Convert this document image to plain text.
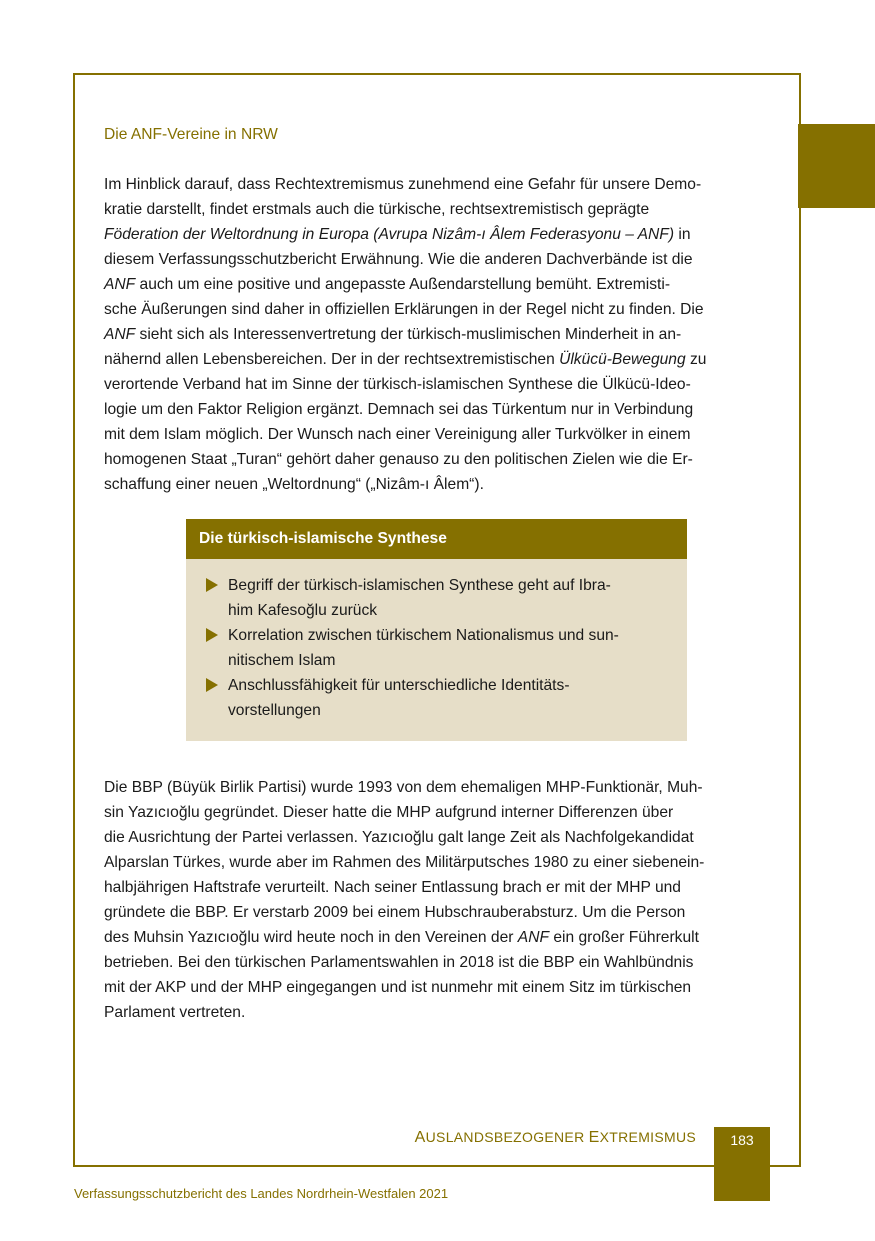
Die ANF-Vereine in NRW

Im Hinblick darauf, dass Rechtextremismus zunehmend eine Gefahr für unsere Demo-
kratie darstellt, findet erstmals auch die türkische, rechtsextremistisch geprägte
Föderation der Weltordnung in Europa (Avrupa Nizâm-ı Âlem Federasyonu – ANF) in
diesem Verfassungsschutzbericht Erwähnung. Wie die anderen Dachverbände ist die
ANF auch um eine positive und angepasste Außendarstellung bemüht. Extremisti-
sche Äußerungen sind daher in offiziellen Erklärungen in der Regel nicht zu finden. Die
ANF sieht sich als Interessenvertretung der türkisch-muslimischen Minderheit in an-
nähernd allen Lebensbereichen. Der in der rechtsextremistischen Ülkücü-Bewegung zu
verortende Verband hat im Sinne der türkisch-islamischen Synthese die Ülkücü-Ideo-
logie um den Faktor Religion ergänzt. Demnach sei das Türkentum nur in Verbindung
mit dem Islam möglich. Der Wunsch nach einer Vereinigung aller Turkvölker in einem
homogenen Staat „Turan“ gehört daher genauso zu den politischen Zielen wie die Er-
schaffung einer neuen „Weltordnung“ („Nizâm-ı Âlem“).

Die türkisch-islamische Synthese
Begriff der türkisch-islamischen Synthese geht auf Ibra-
him Kafesoğlu zurück
Korrelation zwischen türkischem Nationalismus und sun-
nitischem Islam
Anschlussfähigkeit für unterschiedliche Identitäts-
vorstellungen

Die BBP (Büyük Birlik Partisi) wurde 1993 von dem ehemaligen MHP-Funktionär, Muh-
sin Yazıcıoğlu gegründet. Dieser hatte die MHP aufgrund interner Differenzen über
die Ausrichtung der Partei verlassen. Yazıcıoğlu galt lange Zeit als Nachfolgekandidat
Alparslan Türkes, wurde aber im Rahmen des Militärputsches 1980 zu einer siebenein-
halbjährigen Haftstrafe verurteilt. Nach seiner Entlassung brach er mit der MHP und
gründete die BBP. Er verstarb 2009 bei einem Hubschrauberabsturz. Um die Person
des Muhsin Yazıcıoğlu wird heute noch in den Vereinen der ANF ein großer Führerkult
betrieben. Bei den türkischen Parlamentswahlen in 2018 ist die BBP ein Wahlbündnis
mit der AKP und der MHP eingegangen und ist nunmehr mit einem Sitz im türkischen
Parlament vertreten.

AUSLANDSBEZOGENER EXTREMISMUS	183
Verfassungsschutzbericht des Landes Nordrhein-Westfalen 2021
